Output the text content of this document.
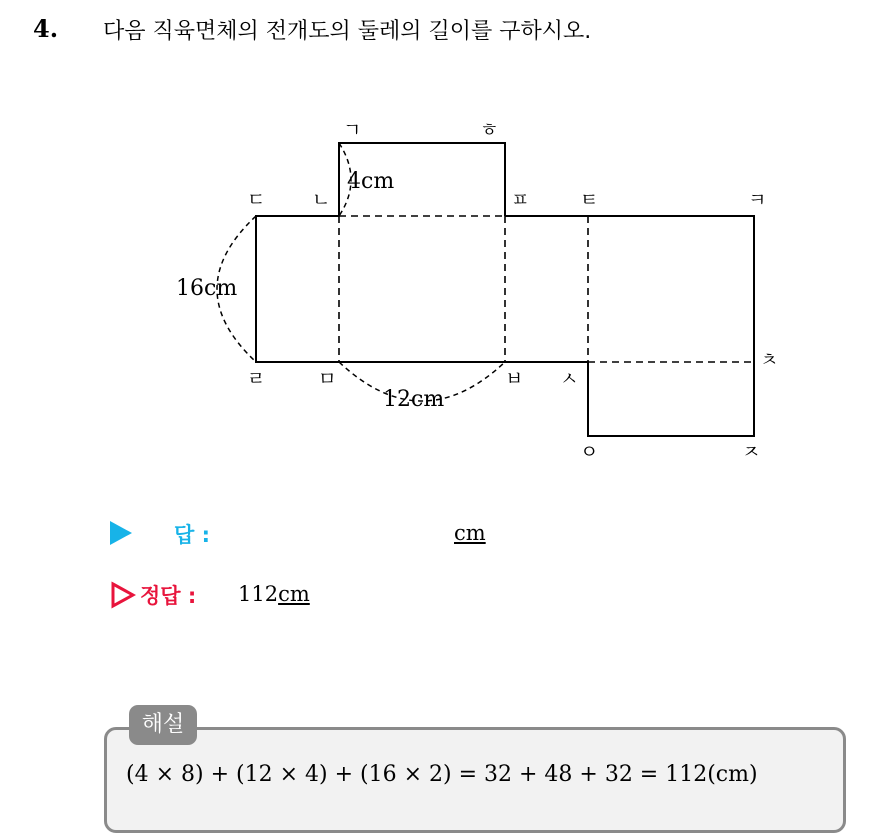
4. 다음 직육면체의 전개도의 둘레의 길이를 구하시오.
ㄱ	ㅎ
ㄷ ㄴ	ㅍ	ㅌ	ㅋ
ㄹ	ㅁ	ㅂ ㅅ
ㅊ
ㅇ	ㅈ
4cm
16cm
12cm
답 :	cm
정답 : 112cm
해설
(4 × 8) + (12 × 4) + (16 × 2) = 32 + 48 + 32 = 112(cm)
